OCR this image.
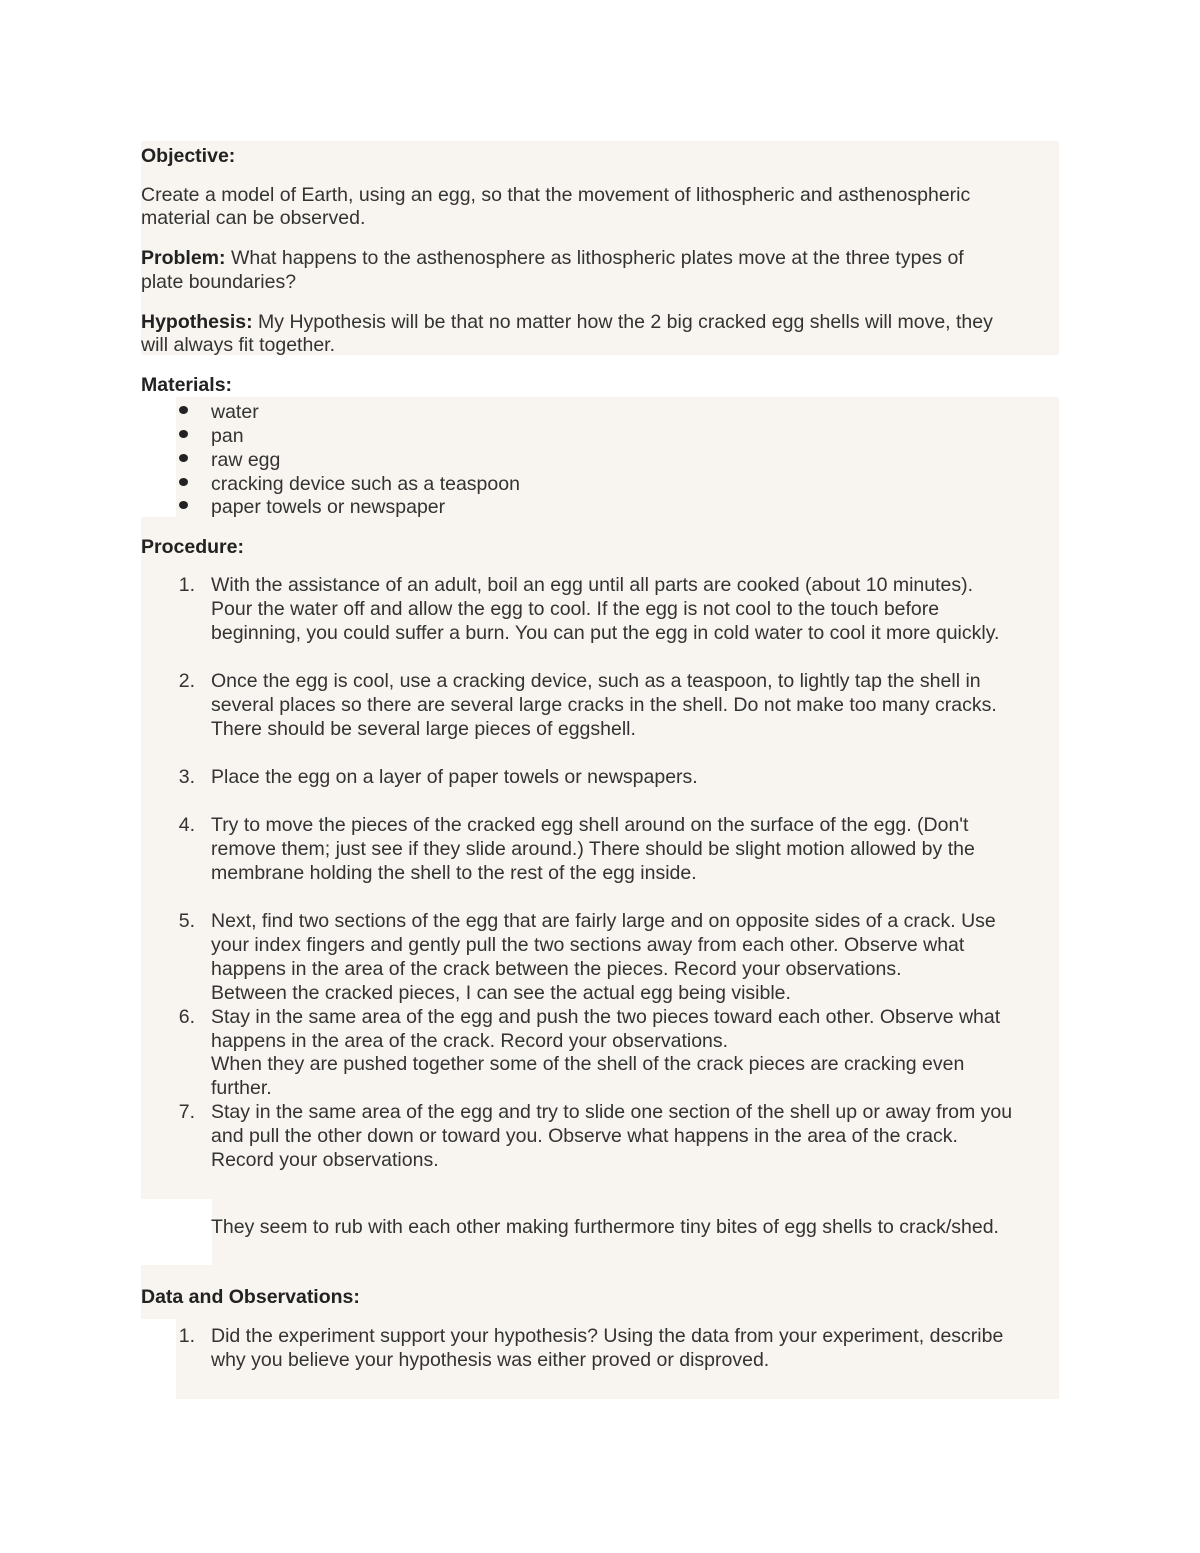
Objective:

Create a model of Earth, using an egg, so that the movement of lithospheric and asthenospheric

material can be observed.

Problem: What happens to the asthenosphere as lithospheric plates move at the three types of

plate boundaries?

Hypothesis: My Hypothesis will be that no matter how the 2 big cracked egg shells will move, they

will always fit together.

Materials:

water

pan

raw egg

cracking device such as a teaspoon

paper towels or newspaper

Procedure:

1. With the assistance of an adult, boil an egg until all parts are cooked (about 10 minutes).

Pour the water off and allow the egg to cool. If the egg is not cool to the touch before

beginning, you could suffer a burn. You can put the egg in cold water to cool it more quickly.

2. Once the egg is cool, use a cracking device, such as a teaspoon, to lightly tap the shell in

several places so there are several large cracks in the shell. Do not make too many cracks.

There should be several large pieces of eggshell.

3. Place the egg on a layer of paper towels or newspapers.

4. Try to move the pieces of the cracked egg shell around on the surface of the egg. (Don't

remove them; just see if they slide around.) There should be slight motion allowed by the

membrane holding the shell to the rest of the egg inside.

5. Next, find two sections of the egg that are fairly large and on opposite sides of a crack. Use

your index fingers and gently pull the two sections away from each other. Observe what

happens in the area of the crack between the pieces. Record your observations.

Between the cracked pieces, I can see the actual egg being visible.

6. Stay in the same area of the egg and push the two pieces toward each other. Observe what

happens in the area of the crack. Record your observations.

When they are pushed together some of the shell of the crack pieces are cracking even

further.

7. Stay in the same area of the egg and try to slide one section of the shell up or away from you

and pull the other down or toward you. Observe what happens in the area of the crack.

Record your observations.

They seem to rub with each other making furthermore tiny bites of egg shells to crack/shed.

Data and Observations:

1. Did the experiment support your hypothesis? Using the data from your experiment, describe

why you believe your hypothesis was either proved or disproved.
